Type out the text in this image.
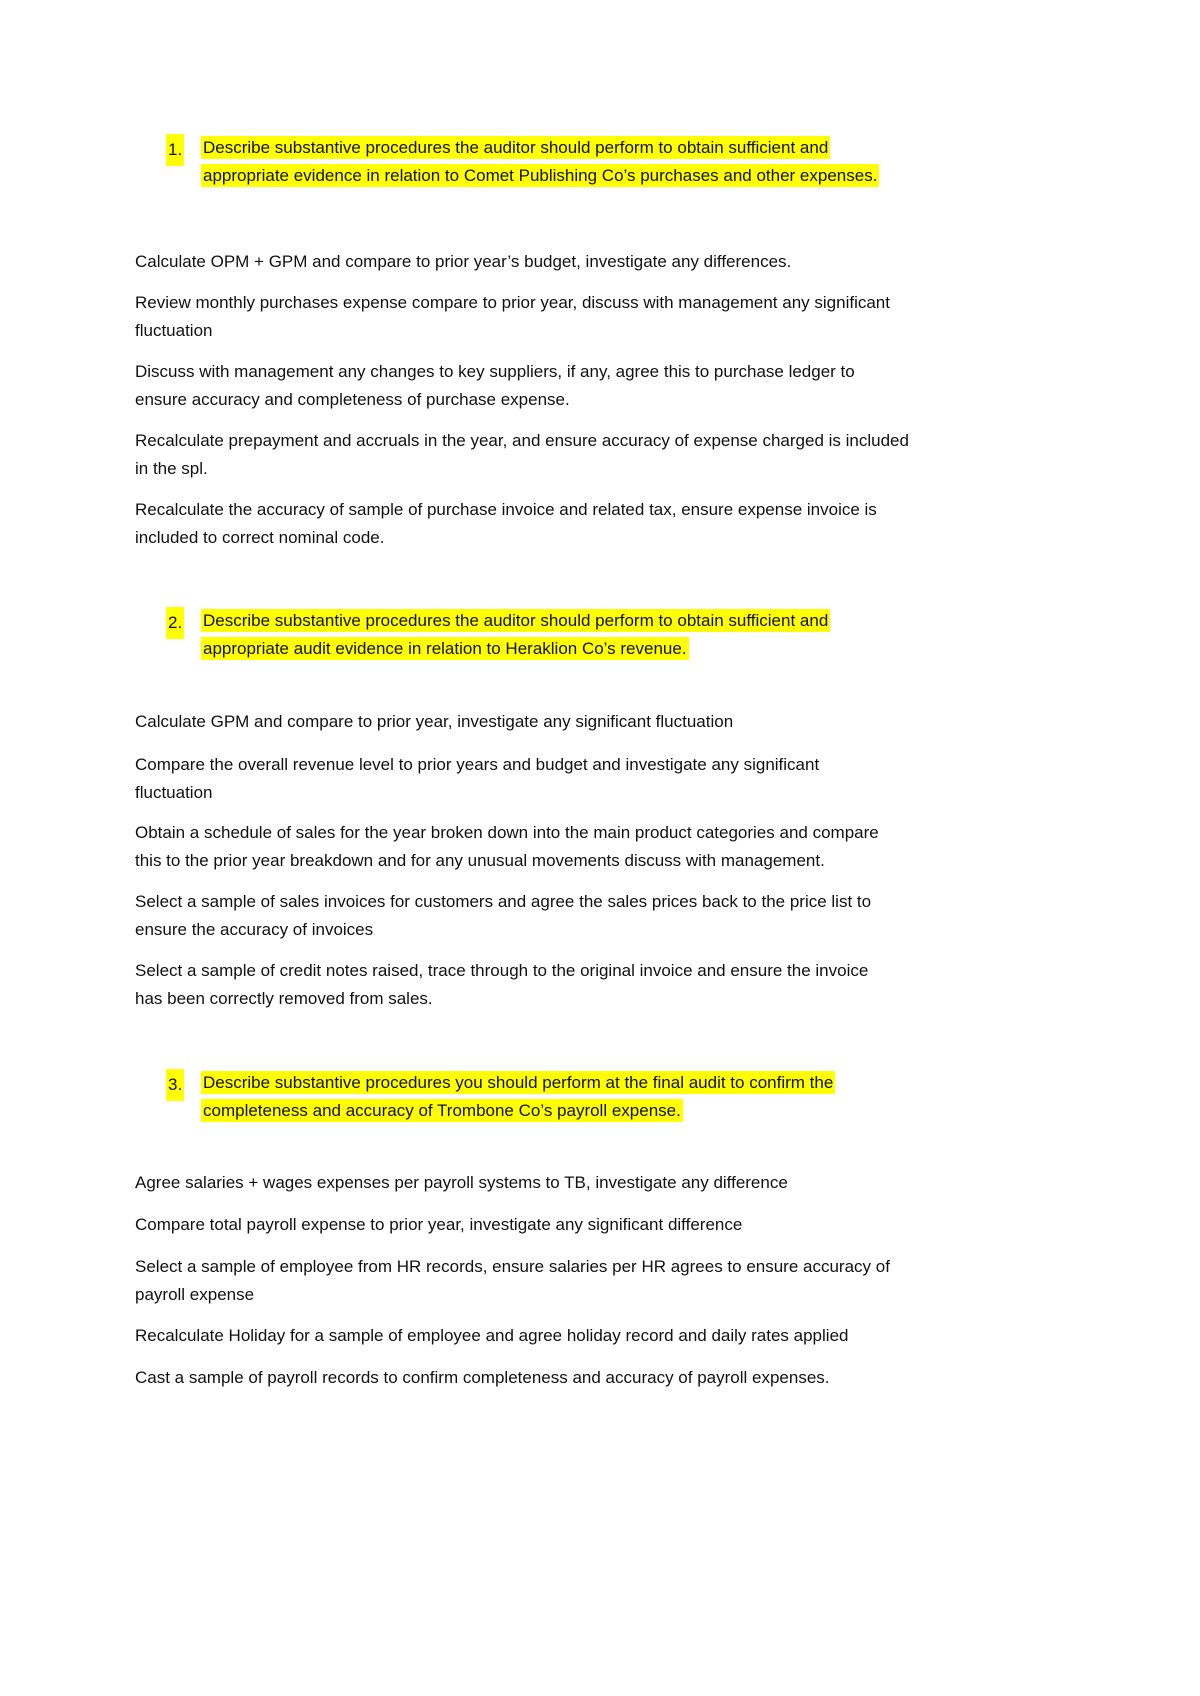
1. Describe substantive procedures the auditor should perform to obtain sufficient and
appropriate evidence in relation to Comet Publishing Co’s purchases and other expenses.
Calculate OPM + GPM and compare to prior year’s budget, investigate any differences.
Review monthly purchases expense compare to prior year, discuss with management any significant
fluctuation
Discuss with management any changes to key suppliers, if any, agree this to purchase ledger to
ensure accuracy and completeness of purchase expense.
Recalculate prepayment and accruals in the year, and ensure accuracy of expense charged is included
in the spl.
Recalculate the accuracy of sample of purchase invoice and related tax, ensure expense invoice is
included to correct nominal code.
2. Describe substantive procedures the auditor should perform to obtain sufficient and
appropriate audit evidence in relation to Heraklion Co’s revenue.
Calculate GPM and compare to prior year, investigate any significant fluctuation
Compare the overall revenue level to prior years and budget and investigate any significant
fluctuation
Obtain a schedule of sales for the year broken down into the main product categories and compare
this to the prior year breakdown and for any unusual movements discuss with management.
Select a sample of sales invoices for customers and agree the sales prices back to the price list to
ensure the accuracy of invoices
Select a sample of credit notes raised, trace through to the original invoice and ensure the invoice
has been correctly removed from sales.
3. Describe substantive procedures you should perform at the final audit to confirm the
completeness and accuracy of Trombone Co’s payroll expense.
Agree salaries + wages expenses per payroll systems to TB, investigate any difference
Compare total payroll expense to prior year, investigate any significant difference
Select a sample of employee from HR records, ensure salaries per HR agrees to ensure accuracy of
payroll expense
Recalculate Holiday for a sample of employee and agree holiday record and daily rates applied
Cast a sample of payroll records to confirm completeness and accuracy of payroll expenses.
